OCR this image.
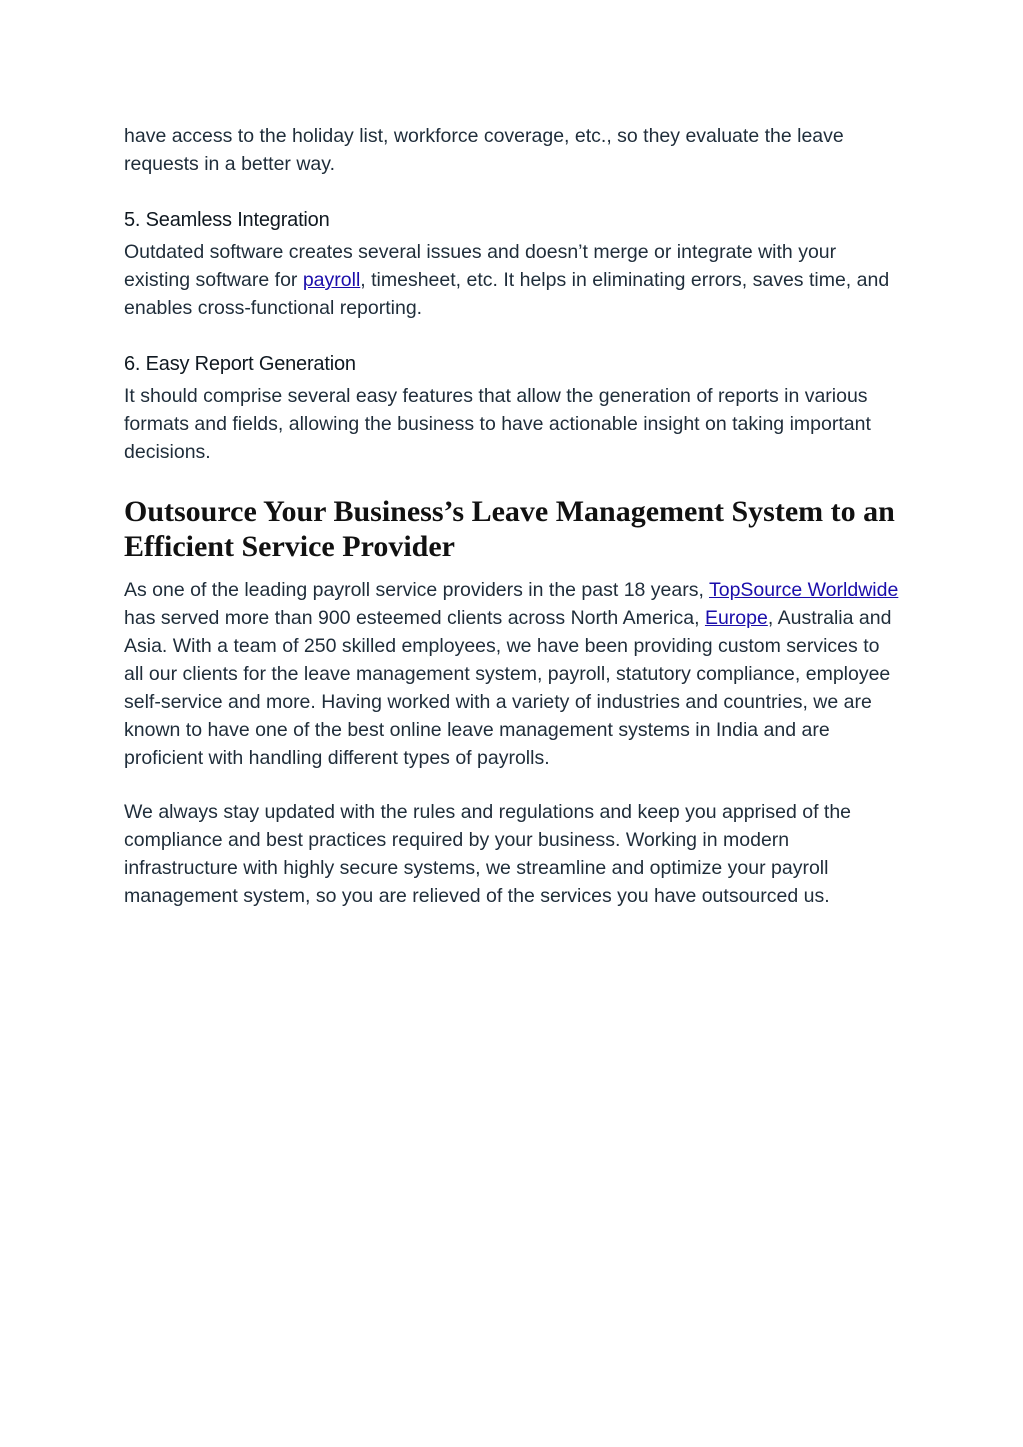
have access to the holiday list, workforce coverage, etc., so they evaluate the leave requests in a better way.

5. Seamless Integration

Outdated software creates several issues and doesn’t merge or integrate with your existing software for payroll, timesheet, etc. It helps in eliminating errors, saves time, and enables cross-functional reporting.

6. Easy Report Generation

It should comprise several easy features that allow the generation of reports in various formats and fields, allowing the business to have actionable insight on taking important decisions.

Outsource Your Business’s Leave Management System to an Efficient Service Provider

As one of the leading payroll service providers in the past 18 years, TopSource Worldwide has served more than 900 esteemed clients across North America, Europe, Australia and Asia. With a team of 250 skilled employees, we have been providing custom services to all our clients for the leave management system, payroll, statutory compliance, employee self-service and more. Having worked with a variety of industries and countries, we are known to have one of the best online leave management systems in India and are proficient with handling different types of payrolls.

We always stay updated with the rules and regulations and keep you apprised of the compliance and best practices required by your business. Working in modern infrastructure with highly secure systems, we streamline and optimize your payroll management system, so you are relieved of the services you have outsourced us.
